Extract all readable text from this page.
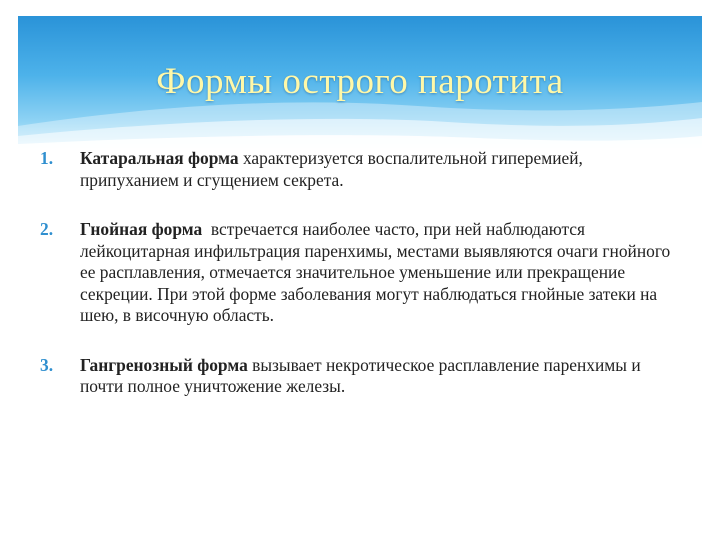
Формы острого паротита
1. Катаральная форма характеризуется воспалительной гиперемией, припуханием и сгущением секрета.
2. Гнойная форма  встречается наиболее часто, при ней наблюдаются лейкоцитарная инфильтрация паренхимы, местами выявляются очаги гнойного ее расплавления, отмечается значительное уменьшение или прекращение секреции. При этой форме заболевания могут наблюдаться гнойные затеки на шею, в височную область.
3. Гангренозный форма вызывает некротическое расплавление паренхимы и почти полное уничтожение железы.
